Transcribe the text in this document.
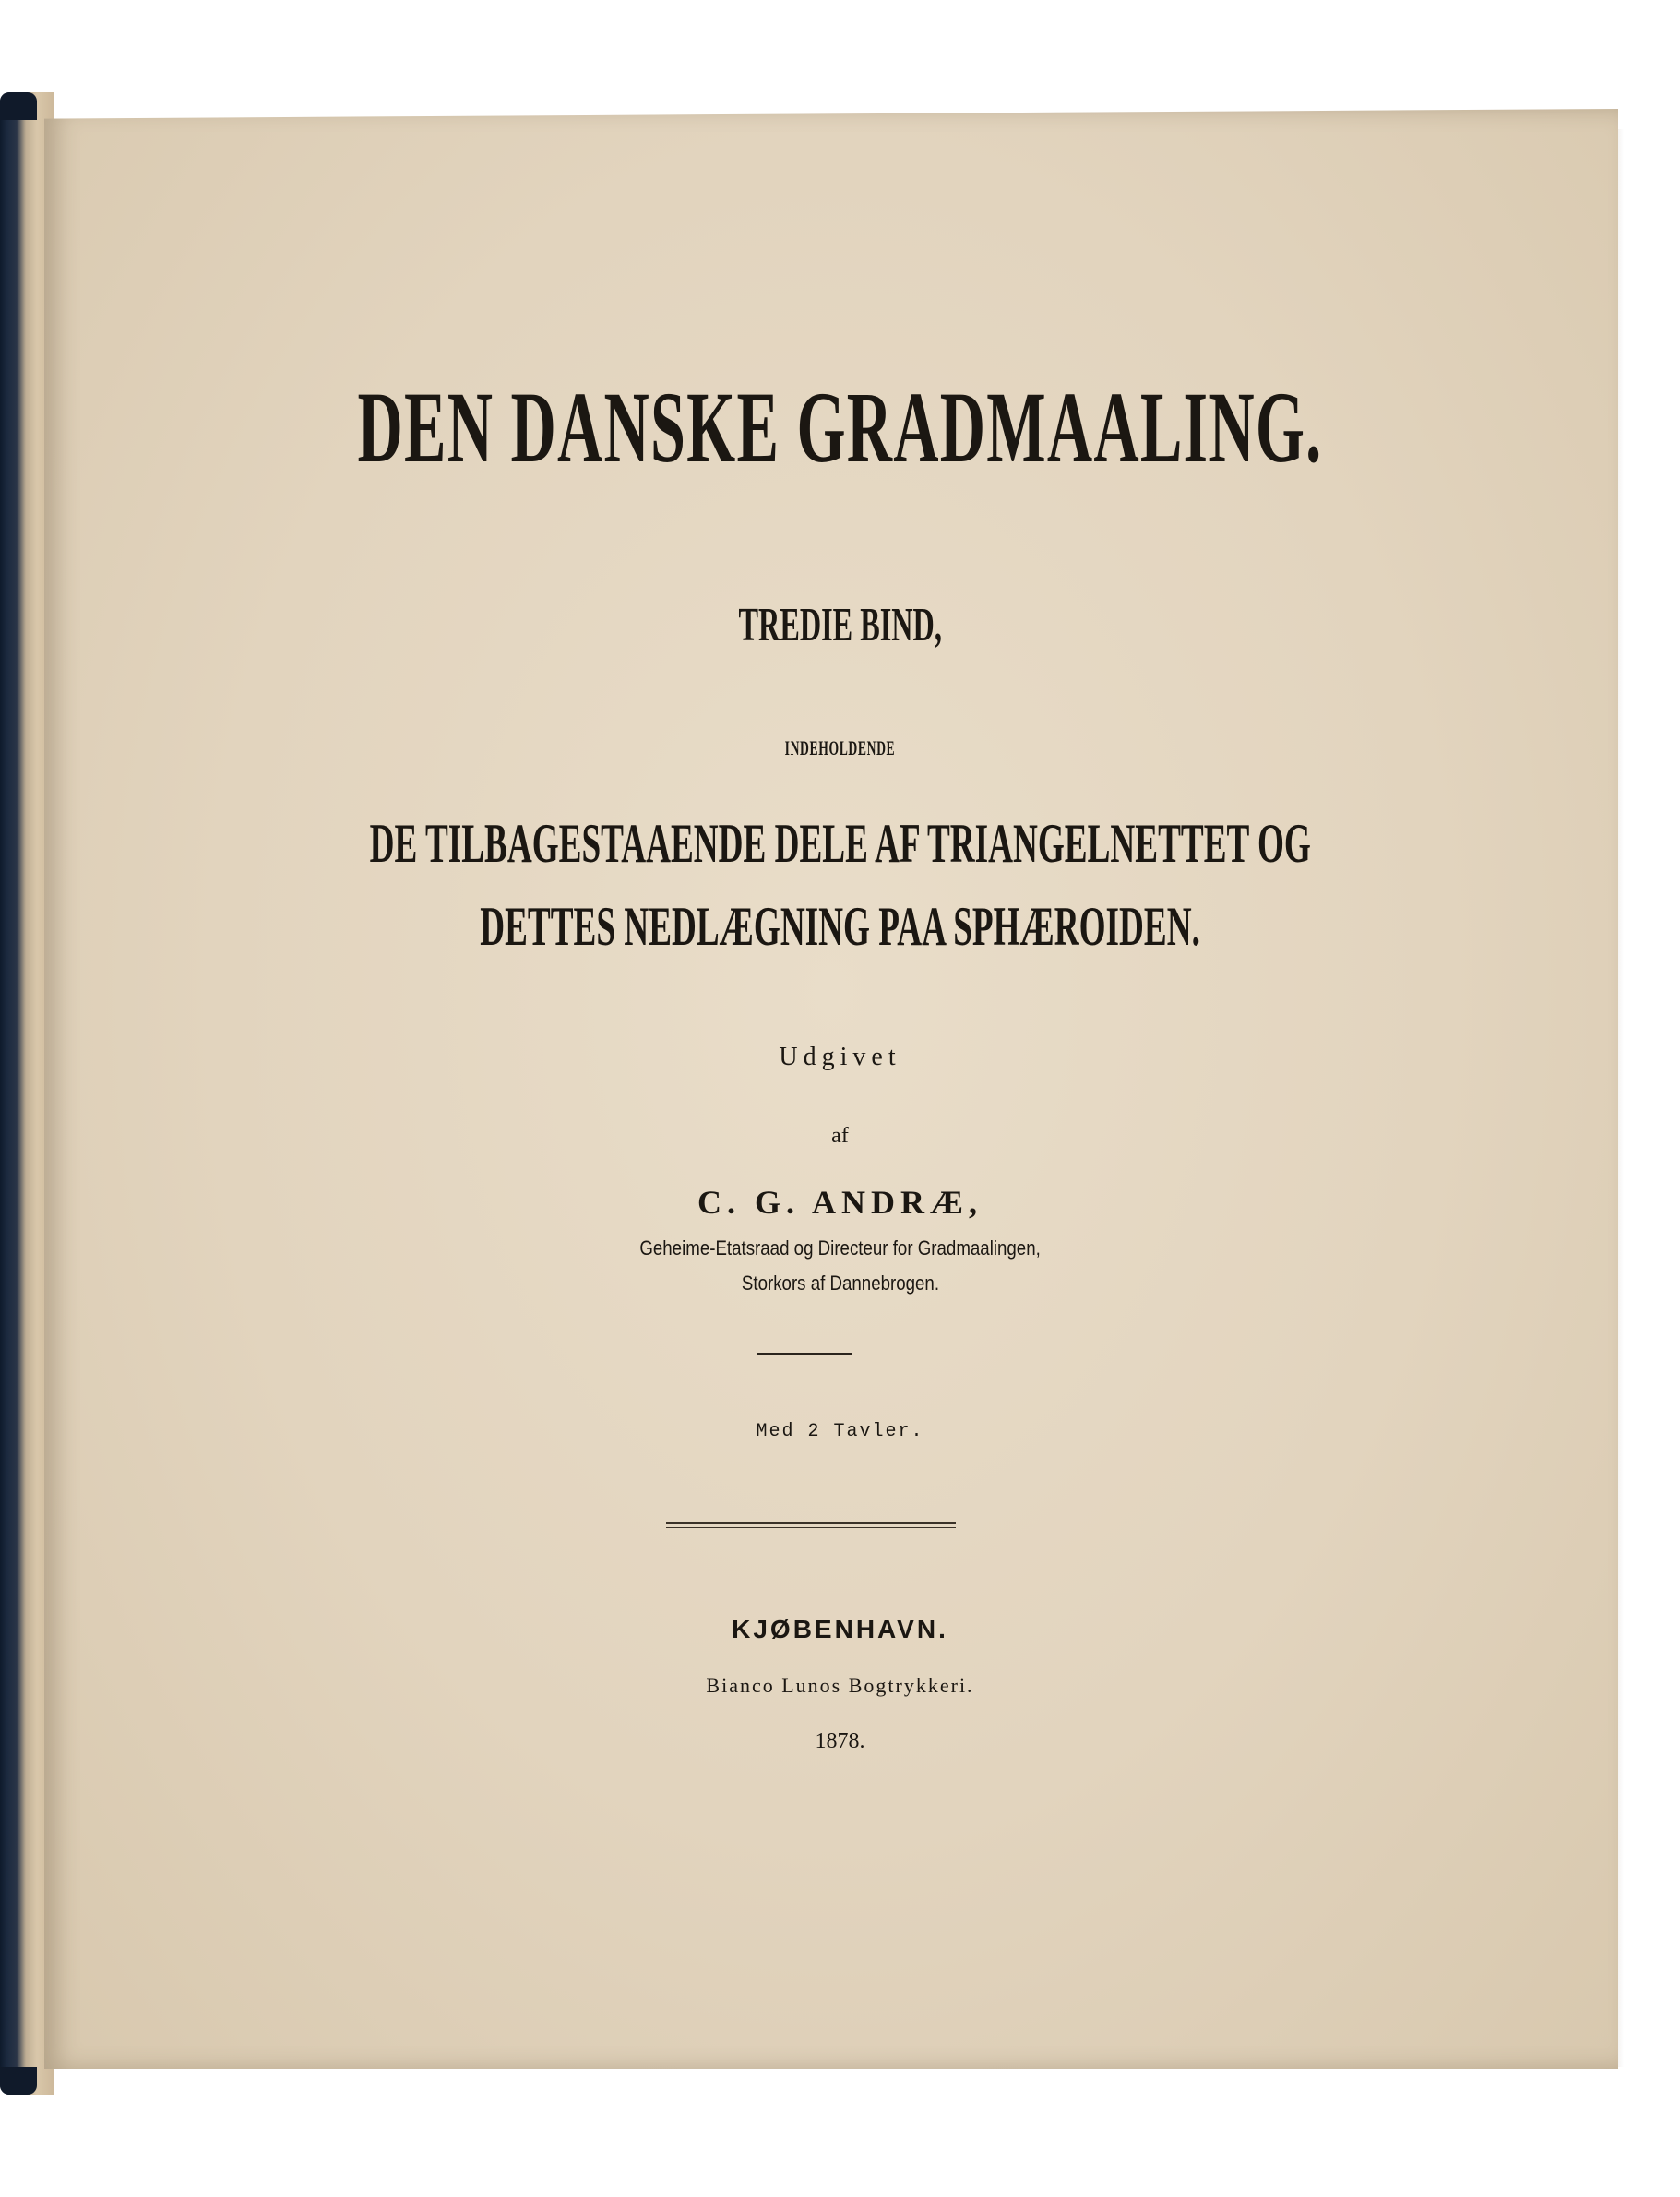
DEN DANSKE GRADMAALING.
TREDIE BIND,
INDEHOLDENDE
DE TILBAGESTAAENDE DELE AF TRIANGELNETTET OG
DETTES NEDLÆGNING PAA SPHÆROIDEN.
Udgivet
af
C. G. ANDRÆ,
Geheime-Etatsraad og Directeur for Gradmaalingen,
Storkors af Dannebrogen.
Med 2 Tavler.
KJØBENHAVN.
Bianco Lunos Bogtrykkeri.
1878.
